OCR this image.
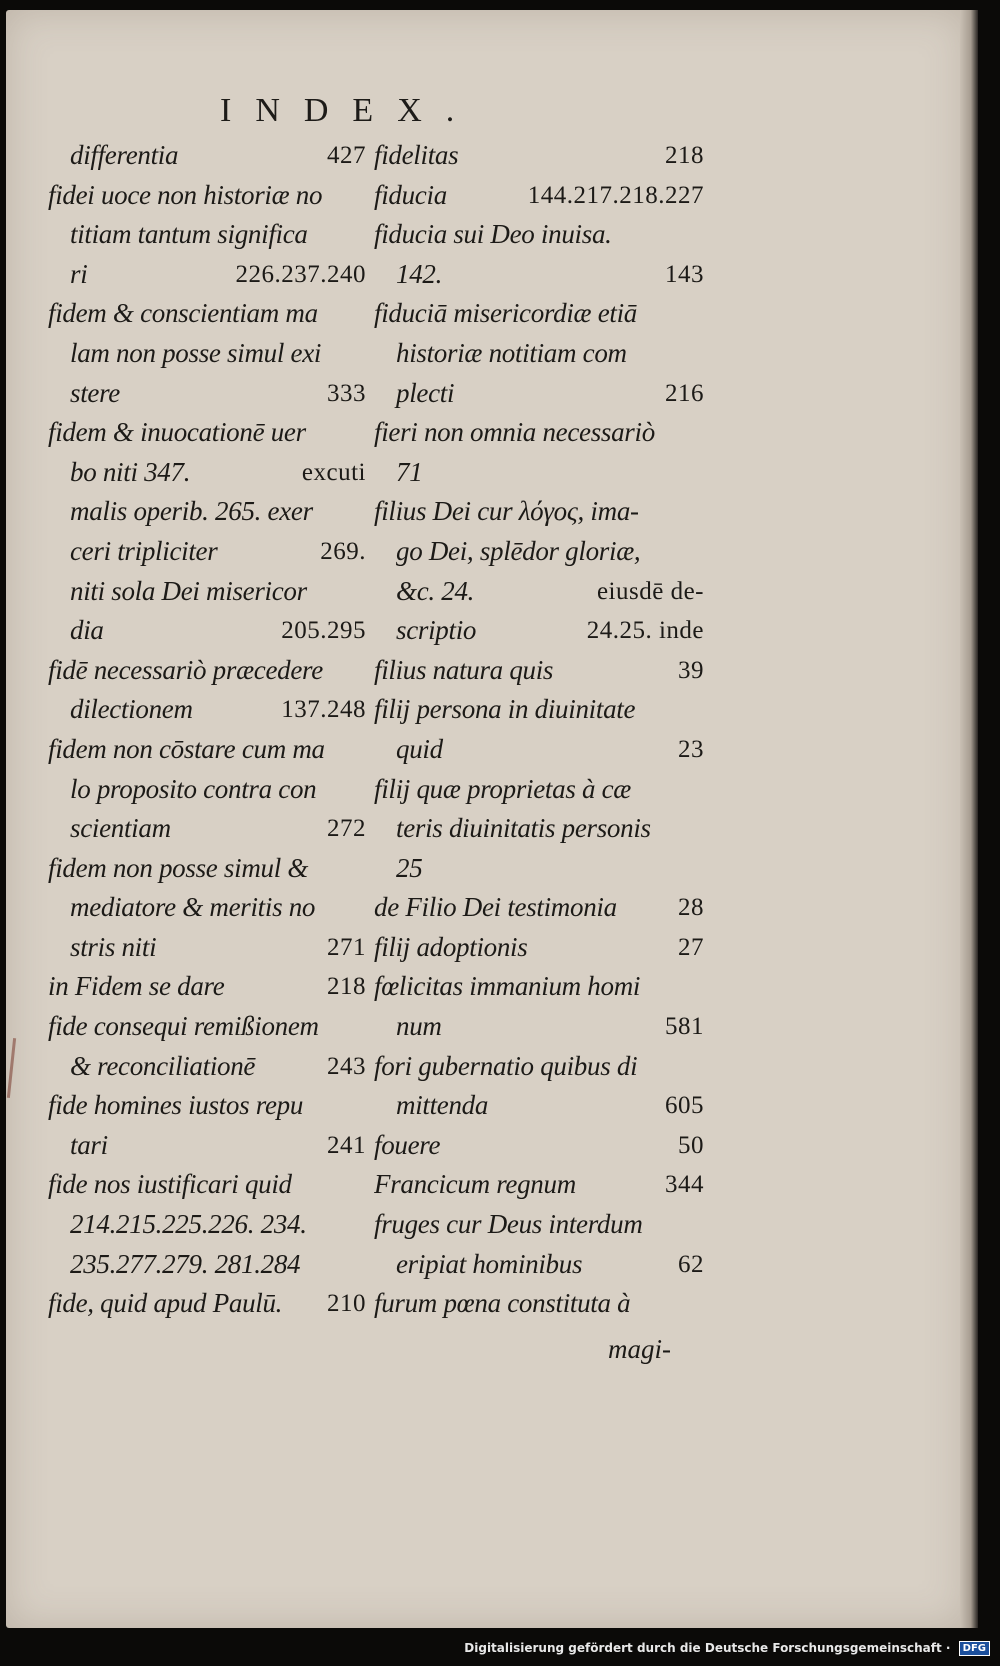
INDEX.
differentia	427
fidei uoce non historiæ no
titiam tantum significa
ri	226.237.240
fidem & conscientiam ma
lam non posse simul exi
stere	333
fidem & inuocationē uer
bo niti 347.	excuti
malis operib. 265. exer
ceri tripliciter	269.
niti sola Dei misericor
dia	205.295
fidē necessariò præcedere
dilectionem	137.248
fidem non cōstare cum ma
lo proposito contra con
scientiam	272
fidem non posse simul &
mediatore & meritis no
stris niti	271
in Fidem se dare	218
fide consequi remißionem
& reconciliationē	243
fide homines iustos repu
tari	241
fide nos iustificari quid
214.215.225.226. 234.
235.277.279. 281.284
fide, quid apud Paulū. 210
fidelitas	218
fiducia	144.217.218.227
fiducia sui Deo inuisa.
142.	143
fiduciā misericordiæ etiā
historiæ notitiam com
plecti	216
fieri non omnia necessariò
71
filius Dei cur λόγος, ima-
go Dei, splēdor gloriæ,
&c. 24.	eiusdē de-
scriptio	24.25. inde
filius natura quis	39
filij persona in diuinitate
quid	23
filij quæ proprietas à cæ
teris diuinitatis personis
25
de Filio Dei testimonia 28
filij adoptionis	27
fœlicitas immanium homi
num	581
fori gubernatio quibus di
mittenda	605
fouere	50
Francicum regnum	344
fruges cur Deus interdum
eripiat hominibus	62
furum pœna constituta à
magi-
Digitalisierung gefördert durch die Deutsche Forschungsgemeinschaft · DFG
